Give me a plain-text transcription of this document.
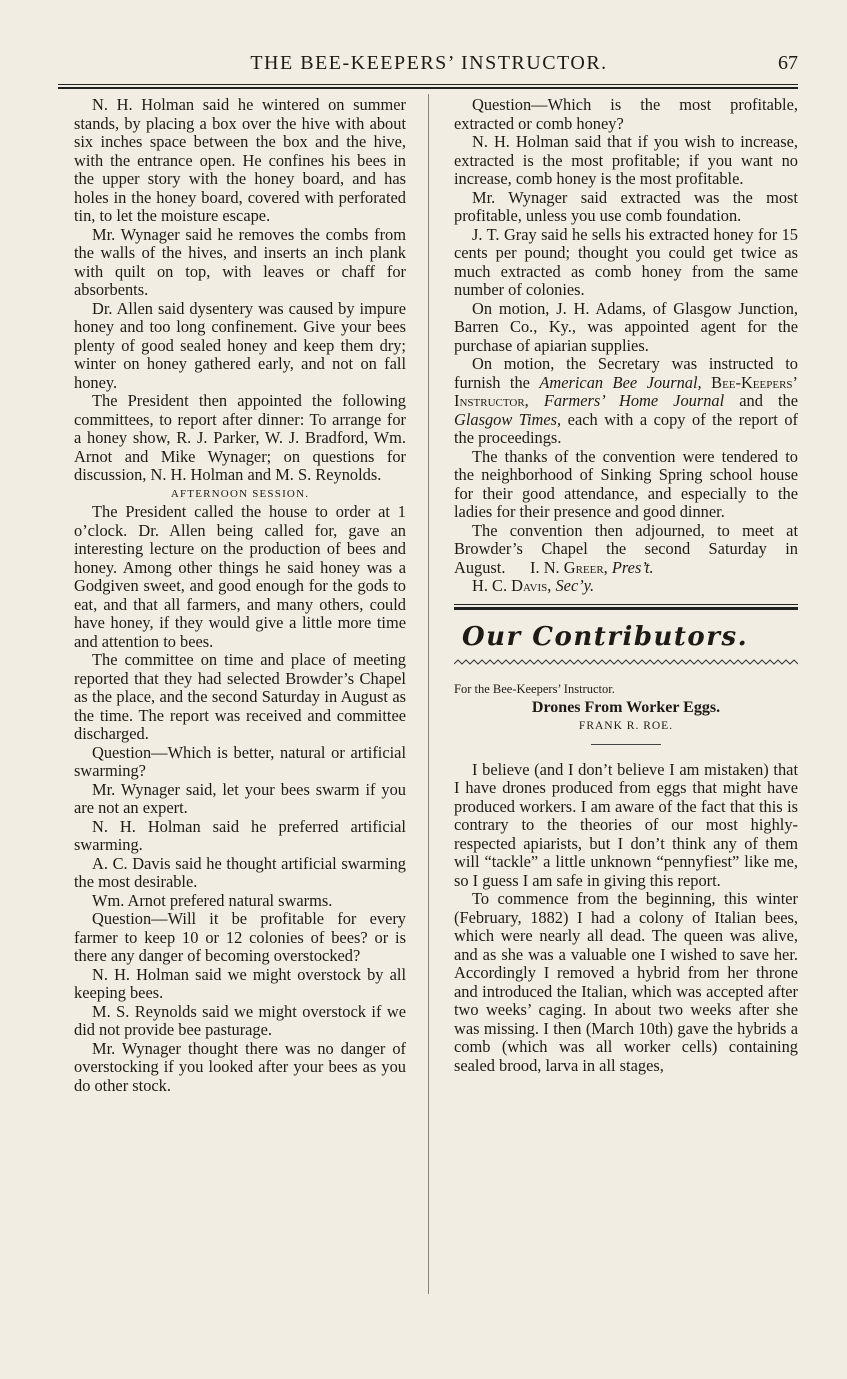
THE BEE-KEEPERS’ INSTRUCTOR.	67

N. H. Holman said he wintered on summer stands, by placing a box over the hive with about six inches space between the box and the hive, with the entrance open. He confines his bees in the upper story with the honey board, and has holes in the honey board, covered with perforated tin, to let the moisture escape.

Mr. Wynager said he removes the combs from the walls of the hives, and inserts an inch plank with quilt on top, with leaves or chaff for absorbents.

Dr. Allen said dysentery was caused by impure honey and too long confinement. Give your bees plenty of good sealed honey and keep them dry; winter on honey gathered early, and not on fall honey.

The President then appointed the following committees, to report after dinner: To arrange for a honey show, R. J. Parker, W. J. Bradford, Wm. Arnot and Mike Wynager; on questions for discussion, N. H. Holman and M. S. Reynolds.

AFTERNOON SESSION.

The President called the house to order at 1 o’clock. Dr. Allen being called for, gave an interesting lecture on the production of bees and honey. Among other things he said honey was a Godgiven sweet, and good enough for the gods to eat, and that all farmers, and many others, could have honey, if they would give a little more time and attention to bees.

The committee on time and place of meeting reported that they had selected Browder’s Chapel as the place, and the second Saturday in August as the time. The report was received and committee discharged.

Question—Which is better, natural or artificial swarming?

Mr. Wynager said, let your bees swarm if you are not an expert.

N. H. Holman said he preferred artificial swarming.

A. C. Davis said he thought artificial swarming the most desirable.

Wm. Arnot prefered natural swarms.

Question—Will it be profitable for every farmer to keep 10 or 12 colonies of bees? or is there any danger of becoming overstocked?

N. H. Holman said we might overstock by all keeping bees.

M. S. Reynolds said we might overstock if we did not provide bee pasturage.

Mr. Wynager thought there was no danger of overstocking if you looked after your bees as you do other stock.

Question—Which is the most profitable, extracted or comb honey?

N. H. Holman said that if you wish to increase, extracted is the most profitable; if you want no increase, comb honey is the most profitable.

Mr. Wynager said extracted was the most profitable, unless you use comb foundation.

J. T. Gray said he sells his extracted honey for 15 cents per pound; thought you could get twice as much extracted as comb honey from the same number of colonies.

On motion, J. H. Adams, of Glasgow Junction, Barren Co., Ky., was appointed agent for the purchase of apiarian supplies.

On motion, the Secretary was instructed to furnish the American Bee Journal, Bee-Keepers’ Instructor, Farmers’ Home Journal and the Glasgow Times, each with a copy of the report of the proceedings.

The thanks of the convention were tendered to the neighborhood of Sinking Spring school house for their good attendance, and especially to the ladies for their presence and good dinner.

The convention then adjourned, to meet at Browder’s Chapel the second Saturday in August. I. N. Greer, Pres’t.

H. C. Davis, Sec’y.

Our Contributors.

For the Bee-Keepers’ Instructor.

Drones From Worker Eggs.

FRANK R. ROE.

I believe (and I don’t believe I am mistaken) that I have drones produced from eggs that might have produced workers. I am aware of the fact that this is contrary to the theories of our most highly-respected apiarists, but I don’t think any of them will “tackle” a little unknown “pennyfiest” like me, so I guess I am safe in giving this report.

To commence from the beginning, this winter (February, 1882) I had a colony of Italian bees, which were nearly all dead. The queen was alive, and as she was a valuable one I wished to save her. Accordingly I removed a hybrid from her throne and introduced the Italian, which was accepted after two weeks’ caging. In about two weeks after she was missing. I then (March 10th) gave the hybrids a comb (which was all worker cells) containing sealed brood, larva in all stages,
